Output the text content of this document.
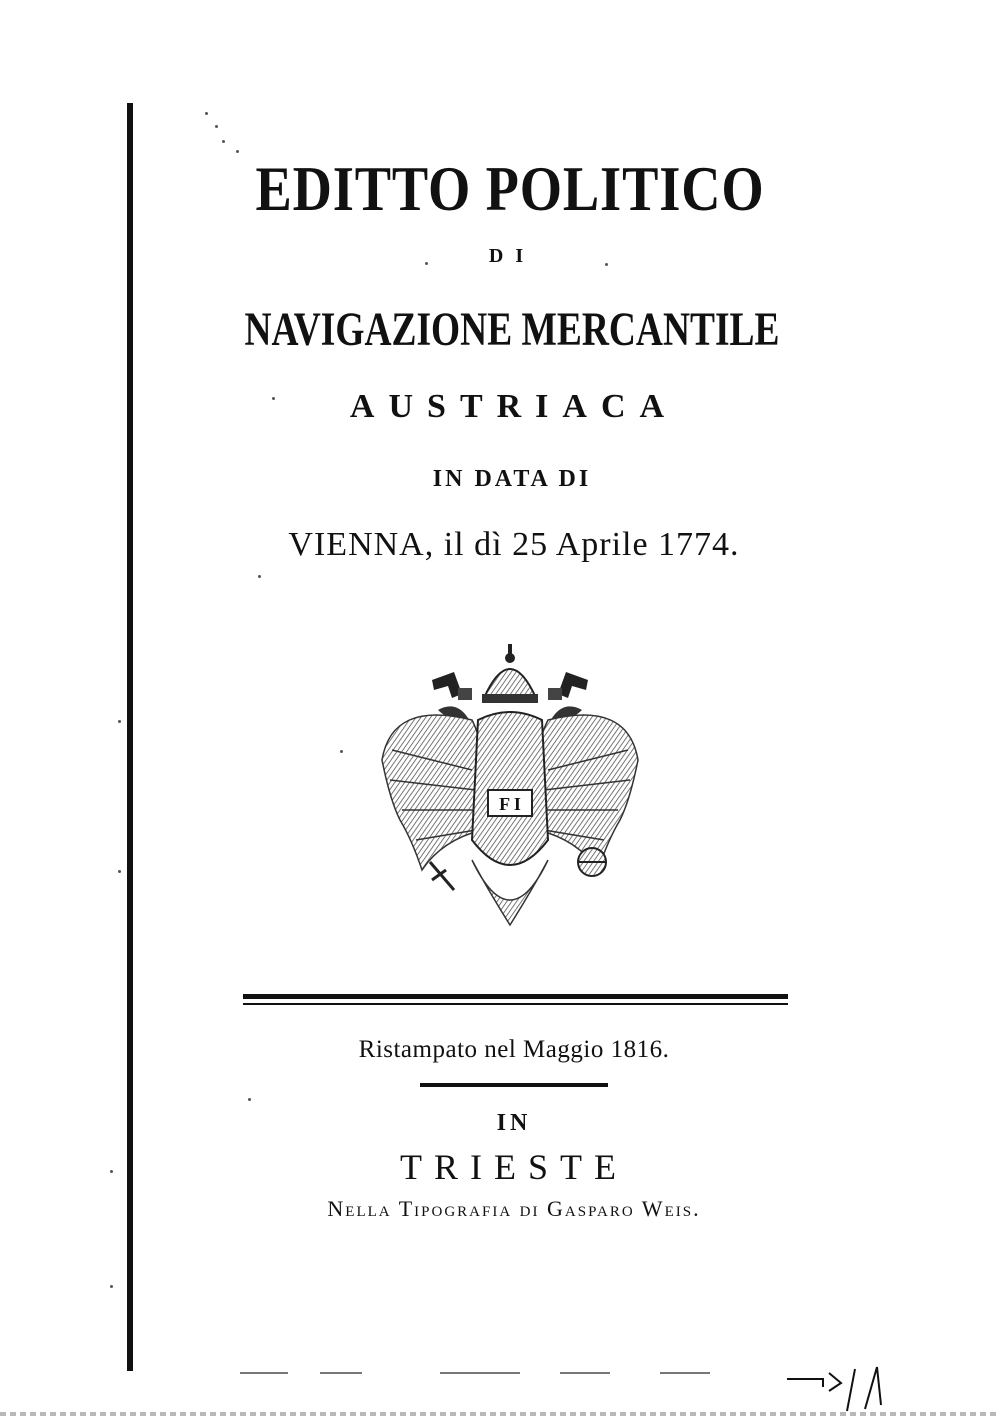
EDITTO POLITICO
DI
NAVIGAZIONE MERCANTILE
AUSTRIACA
IN DATA DI
VIENNA, il dì 25 Aprile 1774.
F I
Ristampato nel Maggio 1816.
IN
TRIESTE
Nella Tipografia di Gasparo Weis.
